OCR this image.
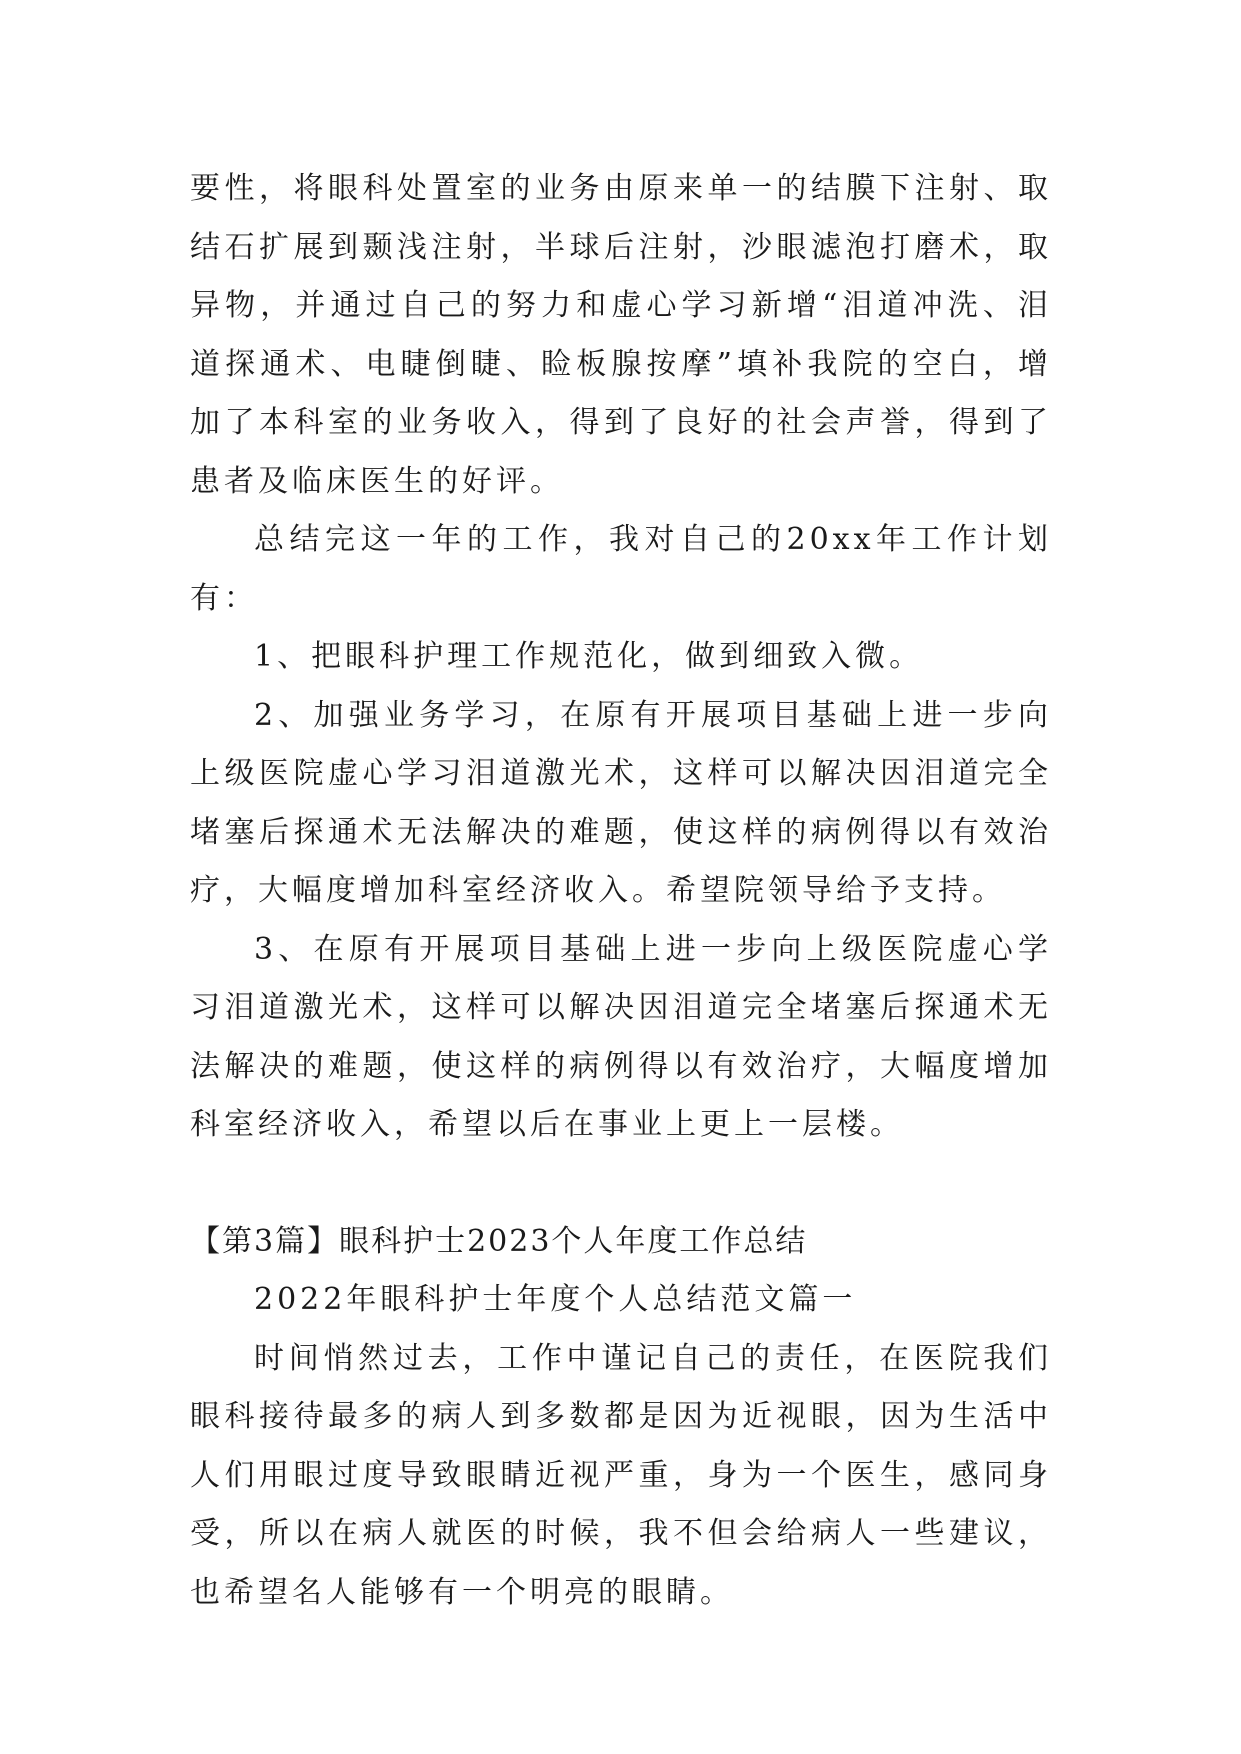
要性，将眼科处置室的业务由原来单一的结膜下注射、取结石扩展到颞浅注射，半球后注射，沙眼滤泡打磨术，取异物，并通过自己的努力和虚心学习新增“泪道冲洗、泪道探通术、电睫倒睫、睑板腺按摩”填补我院的空白，增加了本科室的业务收入，得到了良好的社会声誉，得到了患者及临床医生的好评。

总结完这一年的工作，我对自己的20xx年工作计划有：

1、把眼科护理工作规范化，做到细致入微。

2、加强业务学习，在原有开展项目基础上进一步向上级医院虚心学习泪道激光术，这样可以解决因泪道完全堵塞后探通术无法解决的难题，使这样的病例得以有效治疗，大幅度增加科室经济收入。希望院领导给予支持。

3、在原有开展项目基础上进一步向上级医院虚心学习泪道激光术，这样可以解决因泪道完全堵塞后探通术无法解决的难题，使这样的病例得以有效治疗，大幅度增加科室经济收入，希望以后在事业上更上一层楼。

【第3篇】眼科护士2023个人年度工作总结

2022年眼科护士年度个人总结范文篇一

时间悄然过去，工作中谨记自己的责任，在医院我们眼科接待最多的病人到多数都是因为近视眼，因为生活中人们用眼过度导致眼睛近视严重，身为一个医生，感同身受，所以在病人就医的时候，我不但会给病人一些建议，也希望名人能够有一个明亮的眼睛。
